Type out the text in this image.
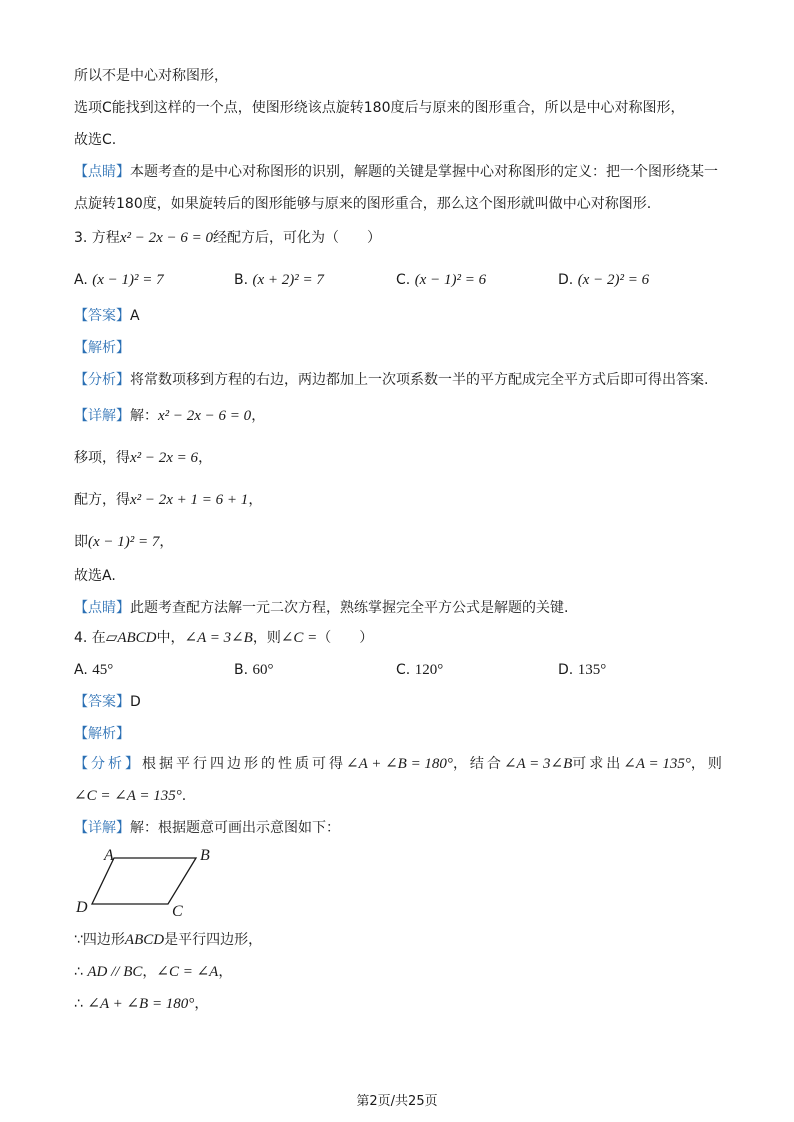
所以不是中心对称图形，
选项C能找到这样的一个点，使图形绕该点旋转180度后与原来的图形重合，所以是中心对称图形，
故选C.
【点睛】本题考查的是中心对称图形的识别，解题的关键是掌握中心对称图形的定义：把一个图形绕某一
点旋转180度，如果旋转后的图形能够与原来的图形重合，那么这个图形就叫做中心对称图形.
3. 方程x² − 2x − 6 = 0经配方后，可化为（　　）
A. (x − 1)² = 7	B. (x + 2)² = 7	C. (x − 1)² = 6	D. (x − 2)² = 6
【答案】A
【解析】
【分析】将常数项移到方程的右边，两边都加上一次项系数一半的平方配成完全平方式后即可得出答案.
【详解】解：x² − 2x − 6 = 0，
移项，得x² − 2x = 6，
配方，得x² − 2x + 1 = 6 + 1，
即(x − 1)² = 7，
故选A.
【点睛】此题考查配方法解一元二次方程，熟练掌握完全平方公式是解题的关键.
4. 在▱ABCD中，∠A = 3∠B，则∠C =（　　）
A. 45°	B. 60°	C. 120°	D. 135°
【答案】D
【解析】
【分析】根据平行四边形的性质可得∠A + ∠B = 180°，结合∠A = 3∠B可求出∠A = 135°，则
∠C = ∠A = 135°.
【详解】解：根据题意可画出示意图如下：
A	B
C
D
∵四边形ABCD是平行四边形，
∴ AD // BC，∠C = ∠A，
∴ ∠A + ∠B = 180°，
第2页/共25页
